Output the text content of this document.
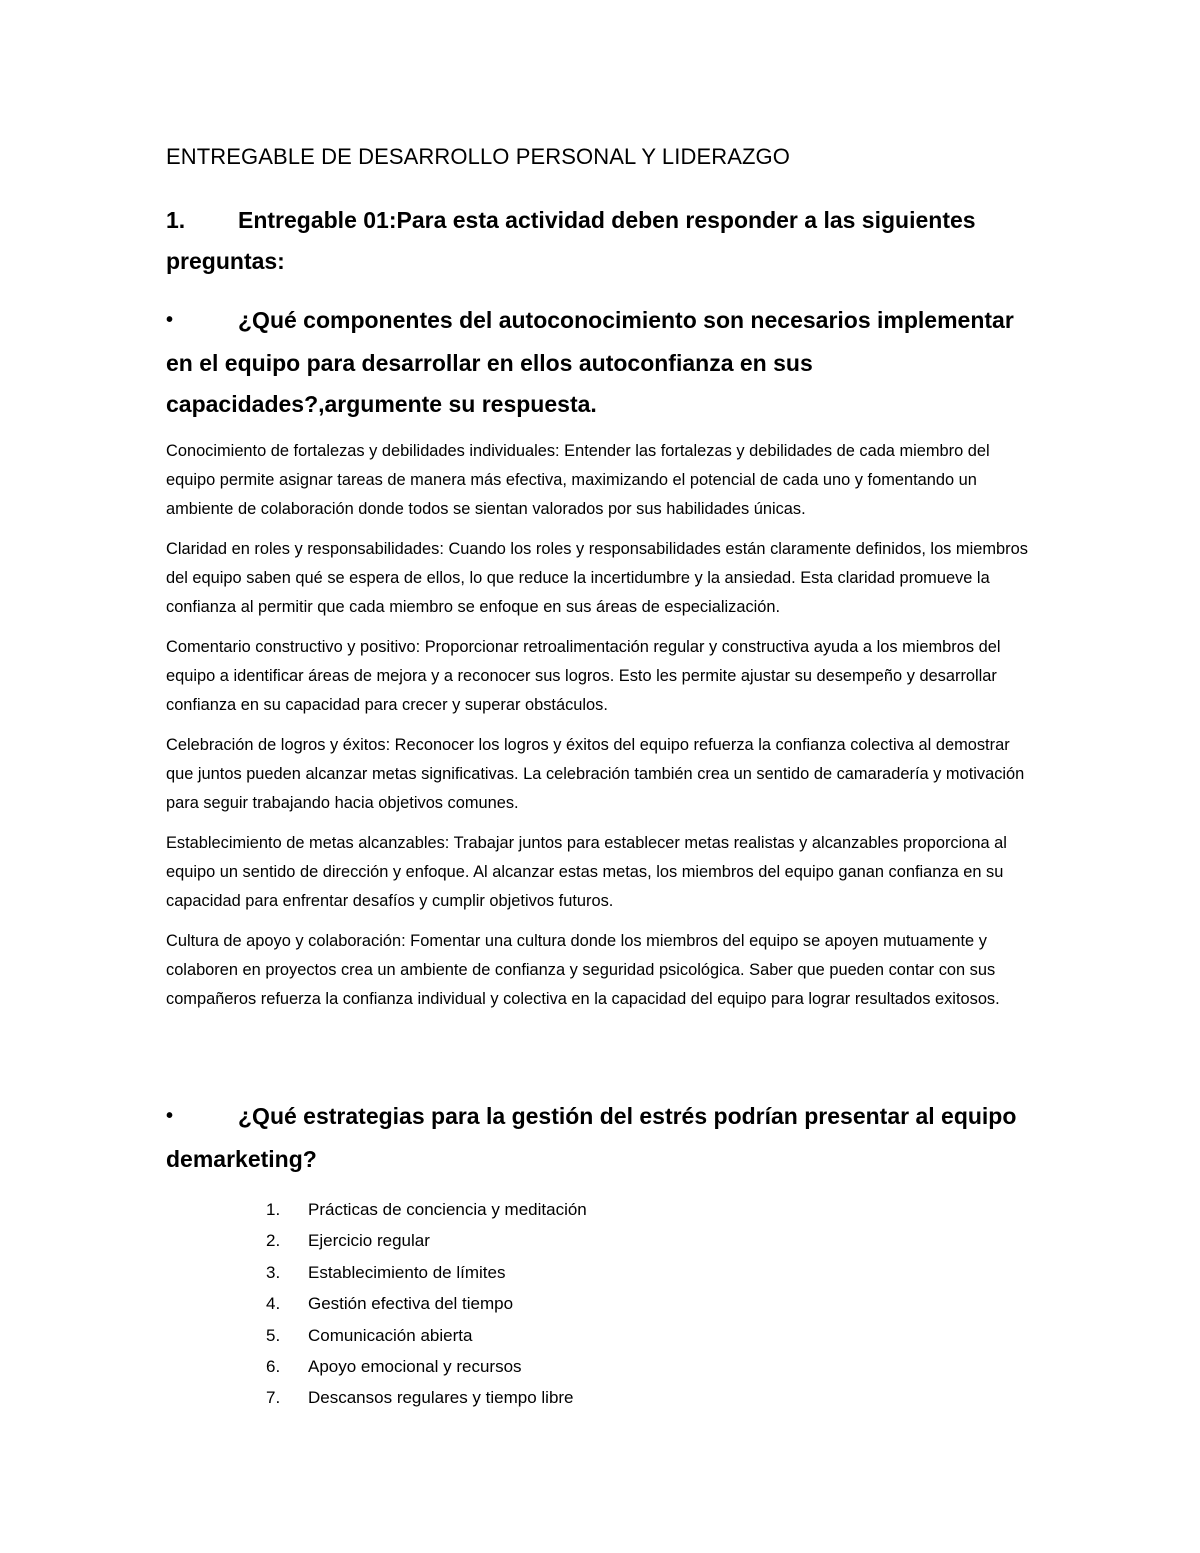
ENTREGABLE DE DESARROLLO PERSONAL Y LIDERAZGO
1. Entregable 01:Para esta actividad deben responder a las siguientes preguntas:
•	¿Qué componentes del autoconocimiento son necesarios implementar en el equipo para desarrollar en ellos autoconfianza en sus capacidades?,argumente su respuesta.

Conocimiento de fortalezas y debilidades individuales: Entender las fortalezas y debilidades de cada miembro del equipo permite asignar tareas de manera más efectiva, maximizando el potencial de cada uno y fomentando un ambiente de colaboración donde todos se sientan valorados por sus habilidades únicas.

Claridad en roles y responsabilidades: Cuando los roles y responsabilidades están claramente definidos, los miembros del equipo saben qué se espera de ellos, lo que reduce la incertidumbre y la ansiedad. Esta claridad promueve la confianza al permitir que cada miembro se enfoque en sus áreas de especialización.

Comentario constructivo y positivo: Proporcionar retroalimentación regular y constructiva ayuda a los miembros del equipo a identificar áreas de mejora y a reconocer sus logros. Esto les permite ajustar su desempeño y desarrollar confianza en su capacidad para crecer y superar obstáculos.

Celebración de logros y éxitos: Reconocer los logros y éxitos del equipo refuerza la confianza colectiva al demostrar que juntos pueden alcanzar metas significativas. La celebración también crea un sentido de camaradería y motivación para seguir trabajando hacia objetivos comunes.

Establecimiento de metas alcanzables: Trabajar juntos para establecer metas realistas y alcanzables proporciona al equipo un sentido de dirección y enfoque. Al alcanzar estas metas, los miembros del equipo ganan confianza en su capacidad para enfrentar desafíos y cumplir objetivos futuros.

Cultura de apoyo y colaboración: Fomentar una cultura donde los miembros del equipo se apoyen mutuamente y colaboren en proyectos crea un ambiente de confianza y seguridad psicológica. Saber que pueden contar con sus compañeros refuerza la confianza individual y colectiva en la capacidad del equipo para lograr resultados exitosos.

•	¿Qué estrategias para la gestión del estrés podrían presentar al equipo demarketing?
1. Prácticas de conciencia y meditación
2. Ejercicio regular
3. Establecimiento de límites
4. Gestión efectiva del tiempo
5. Comunicación abierta
6. Apoyo emocional y recursos
7. Descansos regulares y tiempo libre
